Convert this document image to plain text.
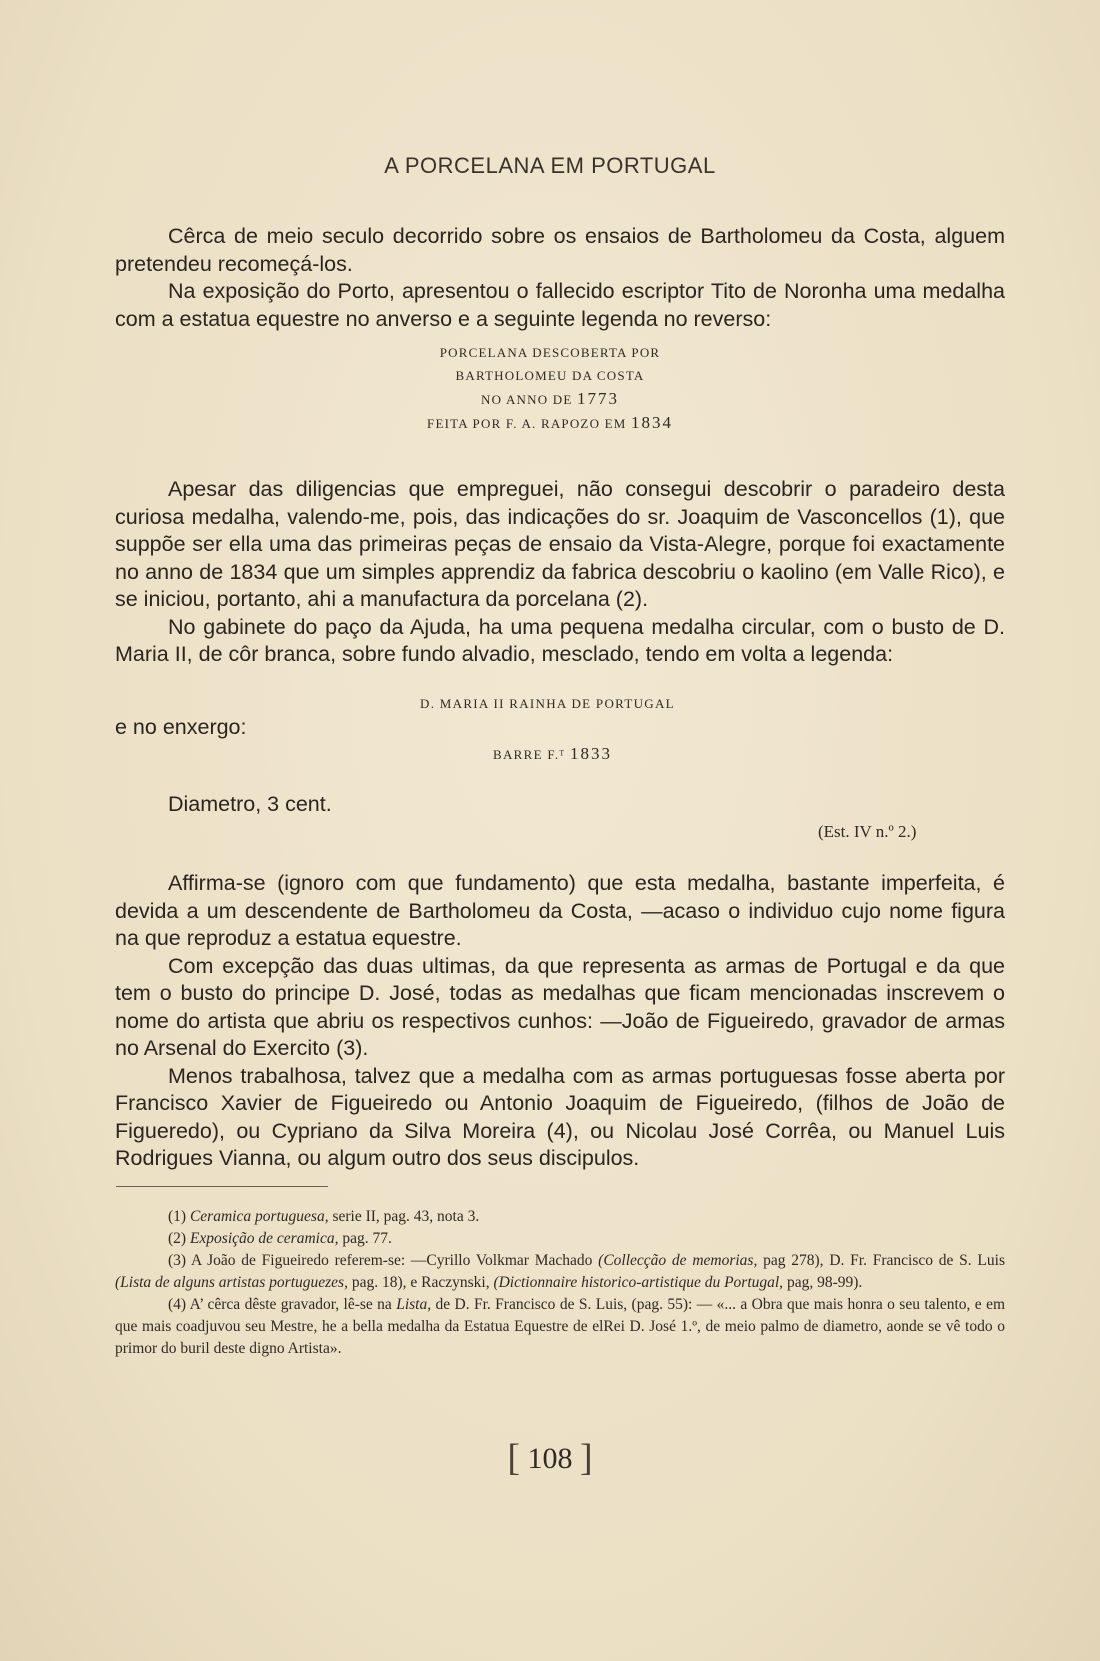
A PORCELANA EM PORTUGAL

Cêrca de meio seculo decorrido sobre os ensaios de Bartholomeu da Costa, alguem pretendeu recomeçá-los.

Na exposição do Porto, apresentou o fallecido escriptor Tito de Noronha uma medalha com a estatua equestre no anverso e a seguinte legenda no reverso:

PORCELANA DESCOBERTA POR
BARTHOLOMEU DA COSTA
NO ANNO DE 1773
FEITA POR F. A. RAPOZO EM 1834

Apesar das diligencias que empreguei, não consegui descobrir o paradeiro desta curiosa medalha, valendo-me, pois, das indicações do sr. Joaquim de Vasconcellos (1), que suppõe ser ella uma das primeiras peças de ensaio da Vista-Alegre, porque foi exactamente no anno de 1834 que um simples apprendiz da fabrica descobriu o kaolino (em Valle Rico), e se iniciou, portanto, ahi a manufactura da porcelana (2).

No gabinete do paço da Ajuda, ha uma pequena medalha circular, com o busto de D. Maria II, de côr branca, sobre fundo alvadio, mesclado, tendo em volta a legenda:

D. MARIA II RAINHA DE PORTUGAL
e no enxergo:
BARRE F.ᵀ 1833
Diametro, 3 cent.
(Est. IV n.º 2.)

Affirma-se (ignoro com que fundamento) que esta medalha, bastante imperfeita, é devida a um descendente de Bartholomeu da Costa, —acaso o individuo cujo nome figura na que reproduz a estatua equestre.

Com excepção das duas ultimas, da que representa as armas de Portugal e da que tem o busto do principe D. José, todas as medalhas que ficam mencionadas inscrevem o nome do artista que abriu os respectivos cunhos: —João de Figueiredo, gravador de armas no Arsenal do Exercito (3).

Menos trabalhosa, talvez que a medalha com as armas portuguesas fosse aberta por Francisco Xavier de Figueiredo ou Antonio Joaquim de Figueiredo, (filhos de João de Figueredo), ou Cypriano da Silva Moreira (4), ou Nicolau José Corrêa, ou Manuel Luis Rodrigues Vianna, ou algum outro dos seus discipulos.

(1) Ceramica portuguesa, serie II, pag. 43, nota 3.

(2) Exposição de ceramica, pag. 77.

(3) A João de Figueiredo referem-se: —Cyrillo Volkmar Machado (Collecção de memorias, pag 278), D. Fr. Francisco de S. Luis (Lista de alguns artistas portuguezes, pag. 18), e Raczynski, (Dictionnaire historico-artistique du Portugal, pag, 98-99).

(4) A’ cêrca dêste gravador, lê-se na Lista, de D. Fr. Francisco de S. Luis, (pag. 55): — «... a Obra que mais honra o seu talento, e em que mais coadjuvou seu Mestre, he a bella medalha da Estatua Equestre de elRei D. José 1.º, de meio palmo de diametro, aonde se vê todo o primor do buril deste digno Artista».

[ 108 ]
